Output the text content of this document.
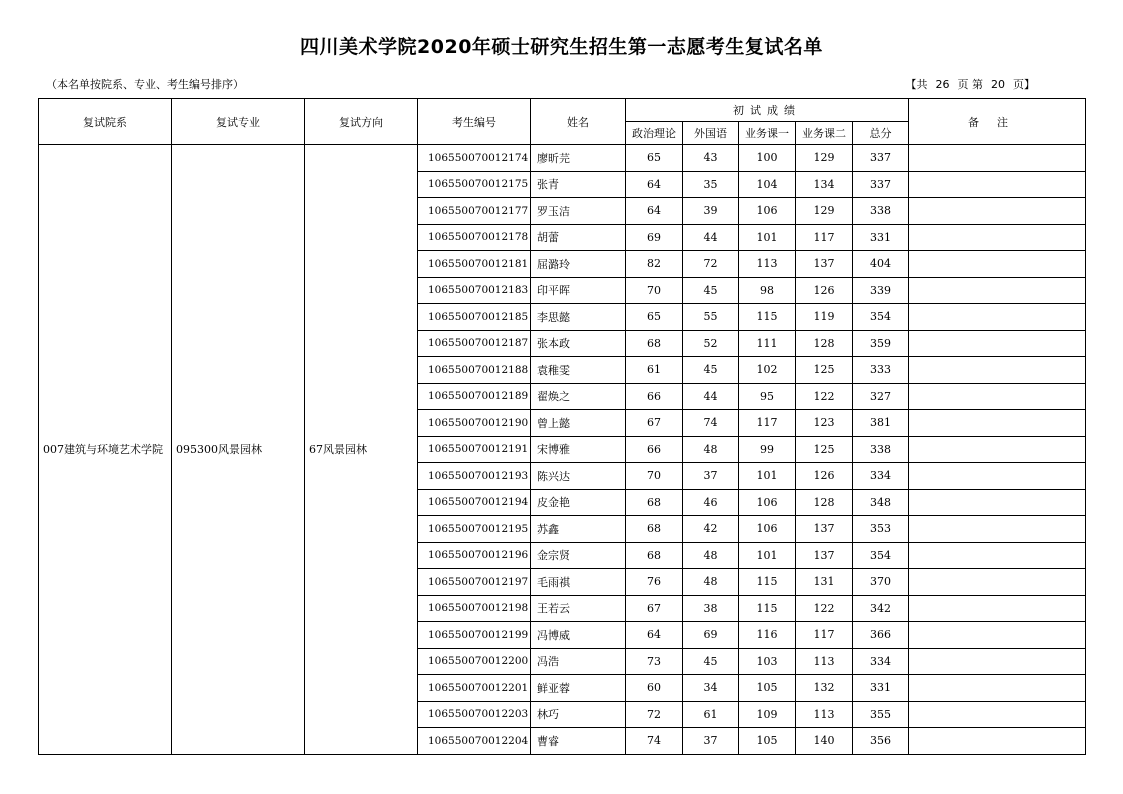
四川美术学院2020年硕士研究生招生第一志愿考生复试名单
（本名单按院系、专业、考生编号排序）	【共 26 页 第 20 页】
复试院系	复试专业	复试方向	考生编号	姓名	初试成绩					备注
					政治理论	外国语	业务课一	业务课二	总分	
007建筑与环境艺术学院	095300风景园林	67风景园林	106550070012174	廖昕芫	65	43	100	129	337	
			106550070012175	张青	64	35	104	134	337	
			106550070012177	罗玉洁	64	39	106	129	338	
			106550070012178	胡蕾	69	44	101	117	331	
			106550070012181	屈潞玲	82	72	113	137	404	
			106550070012183	印平晖	70	45	98	126	339	
			106550070012185	李思懿	65	55	115	119	354	
			106550070012187	张本政	68	52	111	128	359	
			106550070012188	袁稚雯	61	45	102	125	333	
			106550070012189	翟焕之	66	44	95	122	327	
			106550070012190	曾上懿	67	74	117	123	381	
			106550070012191	宋博雅	66	48	99	125	338	
			106550070012193	陈兴达	70	37	101	126	334	
			106550070012194	皮金艳	68	46	106	128	348	
			106550070012195	苏鑫	68	42	106	137	353	
			106550070012196	金宗贤	68	48	101	137	354	
			106550070012197	毛雨祺	76	48	115	131	370	
			106550070012198	王若云	67	38	115	122	342	
			106550070012199	冯博威	64	69	116	117	366	
			106550070012200	冯浩	73	45	103	113	334	
			106550070012201	鲜亚蓉	60	34	105	132	331	
			106550070012203	林巧	72	61	109	113	355	
			106550070012204	曹睿	74	37	105	140	356	
